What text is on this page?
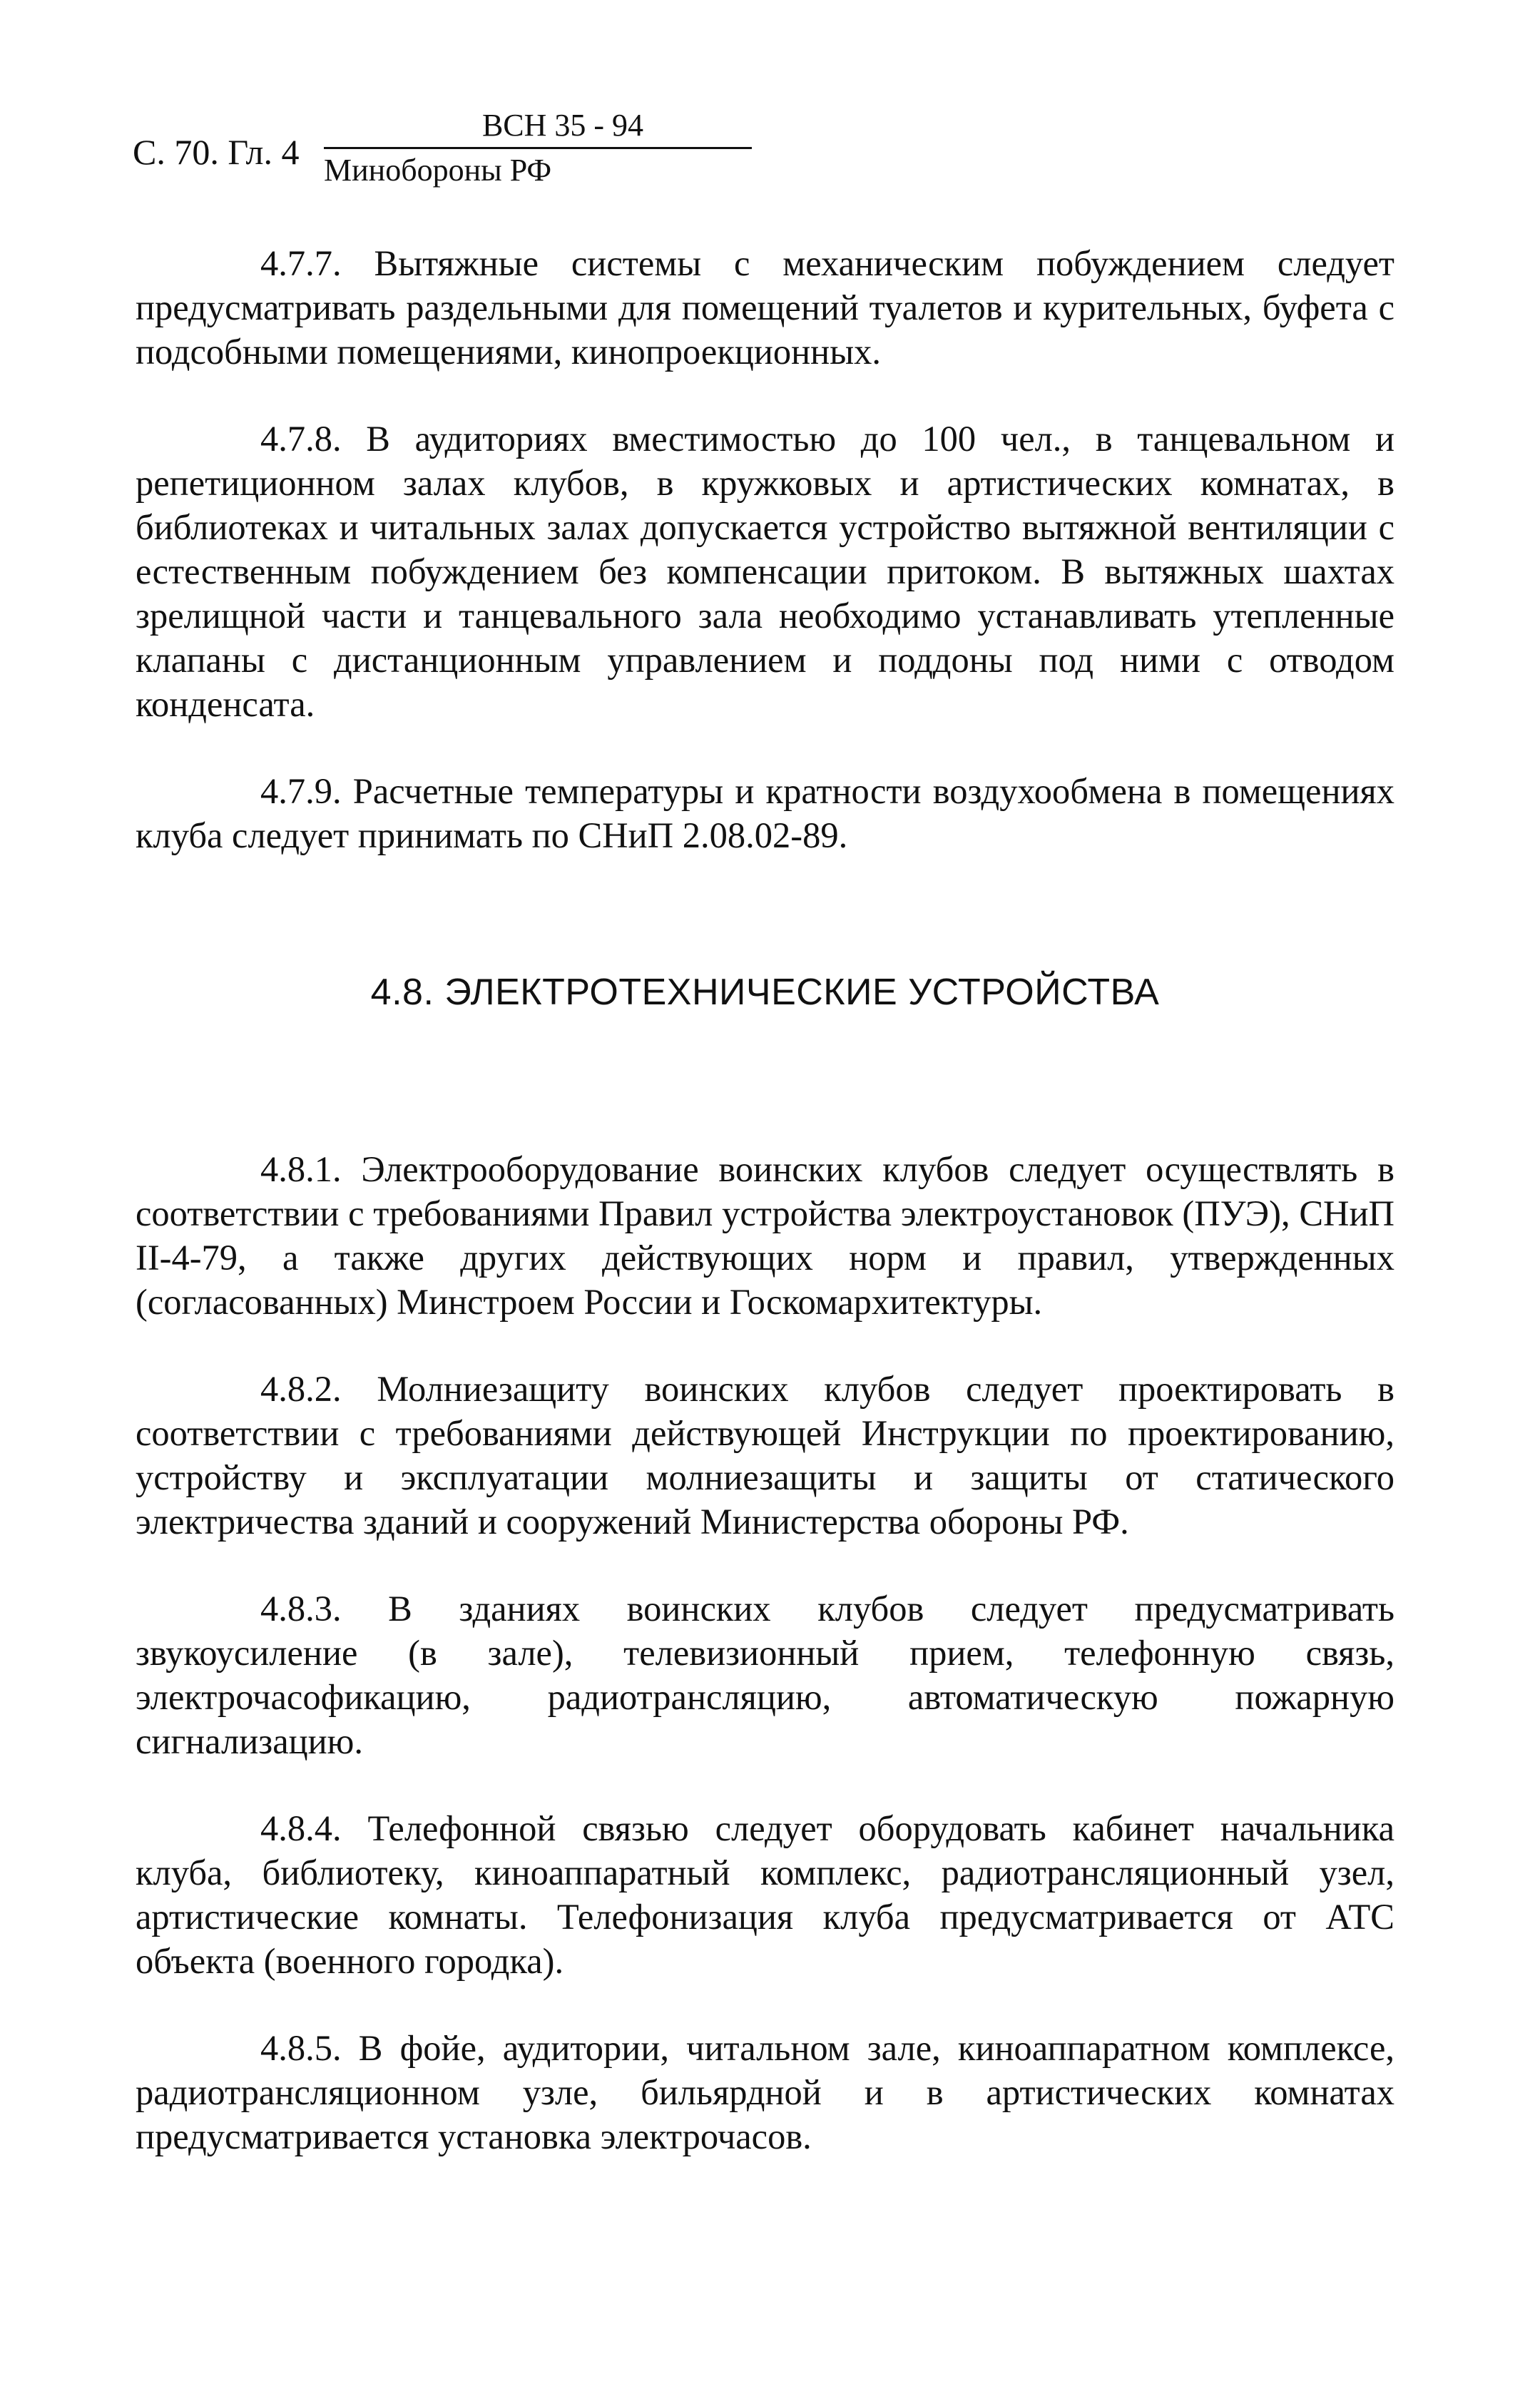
С. 70. Гл. 4
ВСН 35 - 94
Минобороны РФ

4.7.7. Вытяжные системы с механическим побуждением следует предусматривать раздельными для помещений туалетов и курительных, буфета с подсобными помещениями, кинопроекционных.

4.7.8. В аудиториях вместимостью до 100 чел., в танцевальном и репетиционном залах клубов, в кружковых и артистических комнатах, в библиотеках и читальных залах допускается устройство вытяжной вентиляции с естественным побуждением без компенсации притоком. В вытяжных шахтах зрелищной части и танцевального зала необходимо устанавливать утепленные клапаны с дистанционным управлением и поддоны под ними с отводом конденсата.

4.7.9. Расчетные температуры и кратности воздухообмена в помещениях клуба следует принимать по СНиП 2.08.02-89.

4.8. ЭЛЕКТРОТЕХНИЧЕСКИЕ УСТРОЙСТВА

4.8.1. Электрооборудование воинских клубов следует осуществлять в соответствии с требованиями Правил устройства электроустановок (ПУЭ), СНиП II-4-79, а также других действующих норм и правил, утвержденных (согласованных) Минстроем России и Госкомархитектуры.

4.8.2. Молниезащиту воинских клубов следует проектировать в соответствии с требованиями действующей Инструкции по проектированию, устройству и эксплуатации молниезащиты и защиты от статического электричества зданий и сооружений Министерства обороны РФ.

4.8.3. В зданиях воинских клубов следует предусматривать звукоусиление (в зале), телевизионный прием, телефонную связь, электрочасофикацию, радиотрансляцию, автоматическую пожарную сигнализацию.

4.8.4. Телефонной связью следует оборудовать кабинет начальника клуба, библиотеку, киноаппаратный комплекс, радиотрансляционный узел, артистические комнаты. Телефонизация клуба предусматривается от АТС объекта (военного городка).

4.8.5. В фойе, аудитории, читальном зале, киноаппаратном комплексе, радиотрансляционном узле, бильярдной и в артистических комнатах предусматривается установка электрочасов.
